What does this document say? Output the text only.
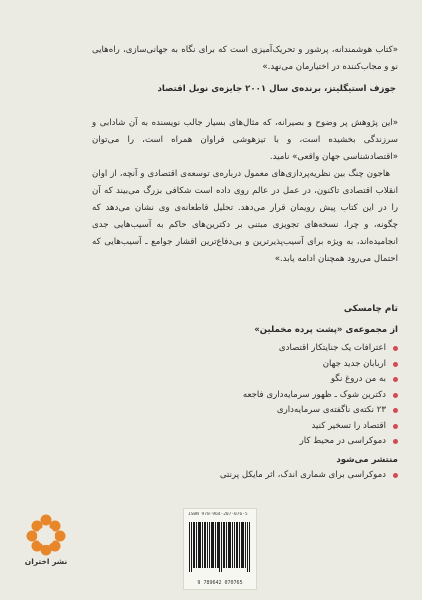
«کتاب هوشمندانه، پرشور و تحریک‌آمیزی است که برای نگاه به جهانی‌سازی، راه‌هایی نو و مجاب‌کننده در اختیارمان می‌نهد.»

جوزف استیگلیتز، برنده‌ی سال ۲۰۰۱ جایزه‌ی نوبل اقتصاد

«این پژوهش پر وضوح و بصیرانه، که مثال‌های بسیار جالب نویسنده به آن شادابی و سرزندگی بخشیده است، و با تیزهوشی فراوان همراه است، را می‌توان «اقتصادشناسی جهان واقعی» نامید.

هاجون چنگ بین نظریه‌پردازی‌های معمول درباره‌ی توسعه‌ی اقتصادی و آنچه، از اوان انقلاب اقتصادی تاکنون، در عمل در عالم روی داده است شکافی بزرگ می‌بیند که آن را در این کتاب پیش رویمان قرار می‌دهد. تحلیل قاطعانه‌ی وی نشان می‌دهد که چگونه، و چرا، نسخه‌های تجویزی مبتنی بر دکترین‌های حاکم به آسیب‌هایی جدی انجامیده‌اند، به ویژه برای آسیب‌پذیرترین و بی‌دفاع‌ترین اقشار جوامع ـ آسیب‌هایی که احتمال می‌رود همچنان ادامه یابد.»

تام چامسکی
از مجموعه‌ی «پشت پرده مخملین»
اعترافات یک جنایتکار اقتصادی
اربابان جدید جهان
به من دروغ نگو
دکترین شوک ـ ظهور سرمایه‌داری فاجعه
۲۳ نکته‌ی ناگفته‌ی سرمایه‌داری
اقتصاد را تسخیر کنید
دموکراسی در محیط کار
منتشر می‌شود
دموکراسی برای شماری اندک، اثر مایکل پرنتی
نشر اختران
ISBN 978-964-207-076-5
9 789642 070765
